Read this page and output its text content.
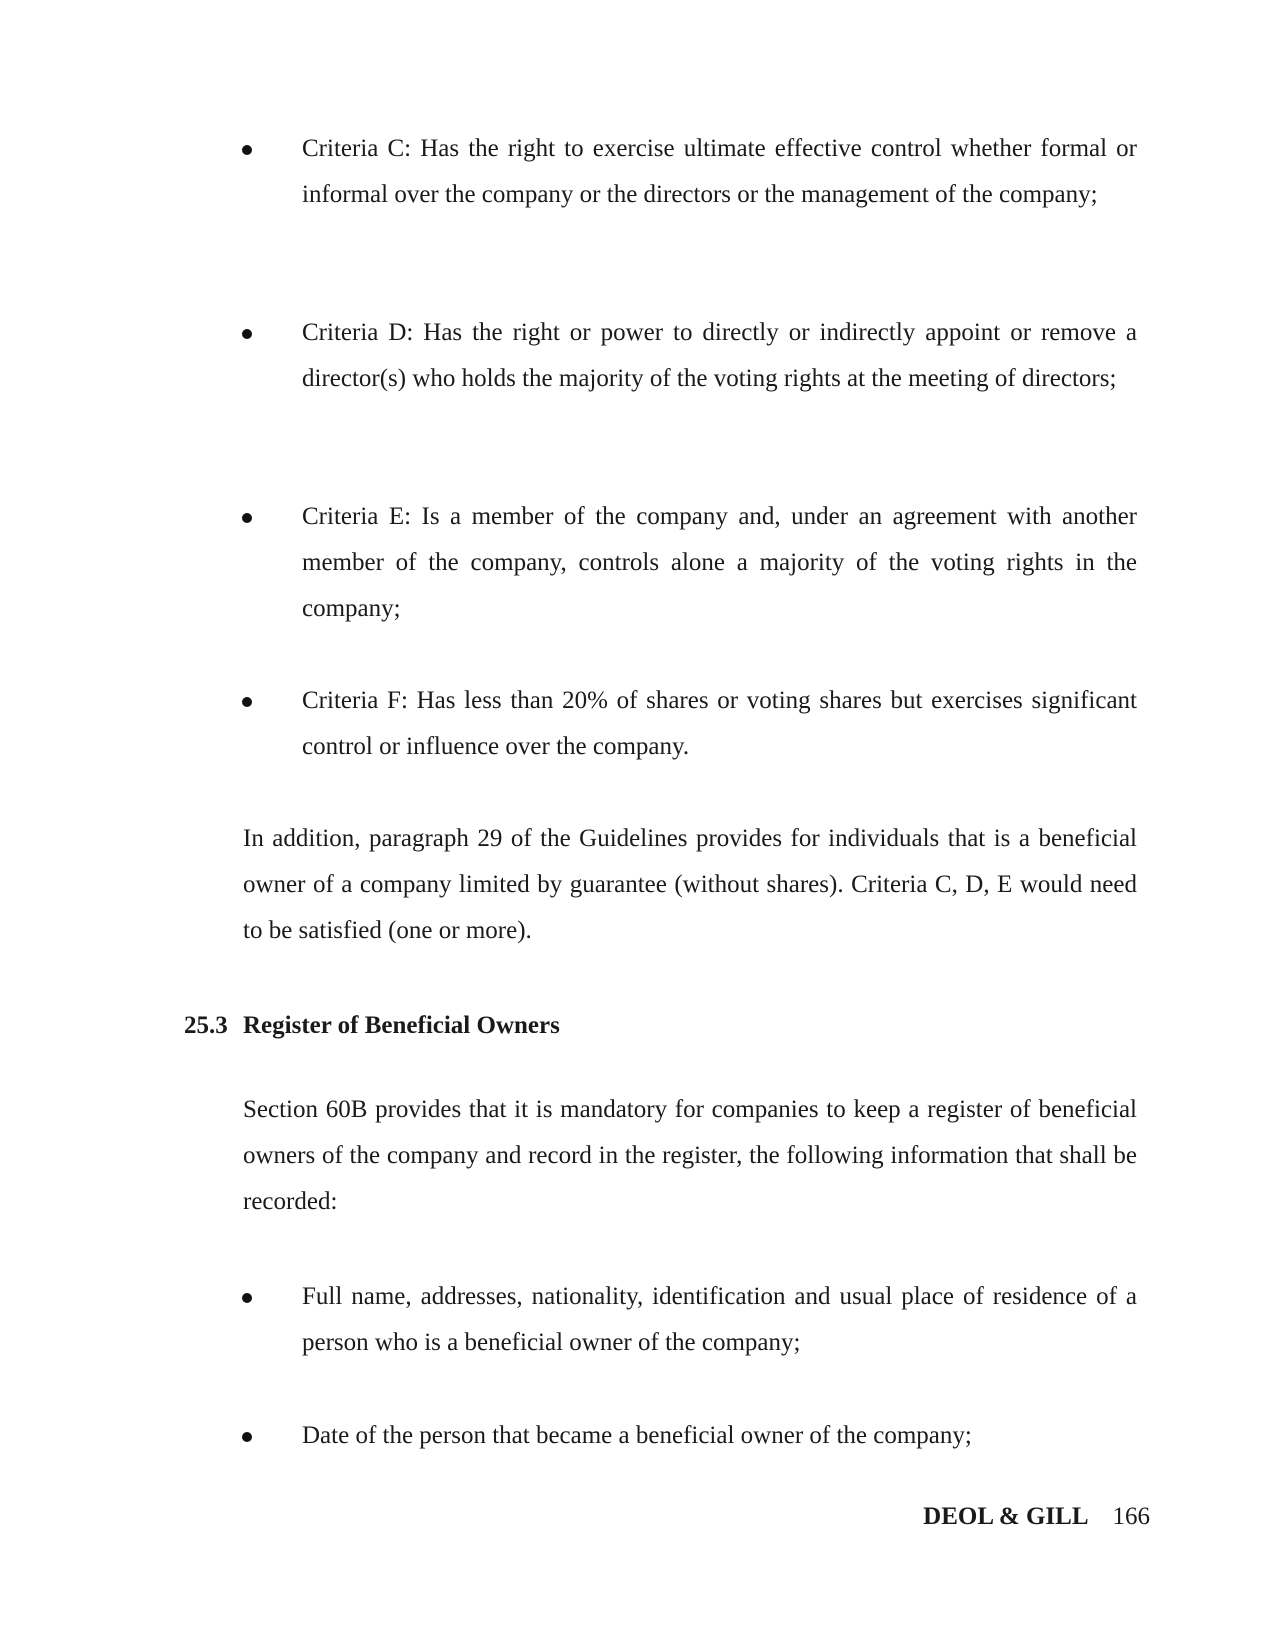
Criteria C: Has the right to exercise ultimate effective control whether formal or informal over the company or the directors or the management of the company;

Criteria D: Has the right or power to directly or indirectly appoint or remove a director(s) who holds the majority of the voting rights at the meeting of directors;

Criteria E: Is a member of the company and, under an agreement with another member of the company, controls alone a majority of the voting rights in the company;

Criteria F: Has less than 20% of shares or voting shares but exercises significant control or influence over the company.

In addition, paragraph 29 of the Guidelines provides for individuals that is a beneficial owner of a company limited by guarantee (without shares). Criteria C, D, E would need to be satisfied (one or more).

25.3 Register of Beneficial Owners

Section 60B provides that it is mandatory for companies to keep a register of beneficial owners of the company and record in the register, the following information that shall be recorded:

Full name, addresses, nationality, identification and usual place of residence of a person who is a beneficial owner of the company;

Date of the person that became a beneficial owner of the company;

DEOL & GILL 166
